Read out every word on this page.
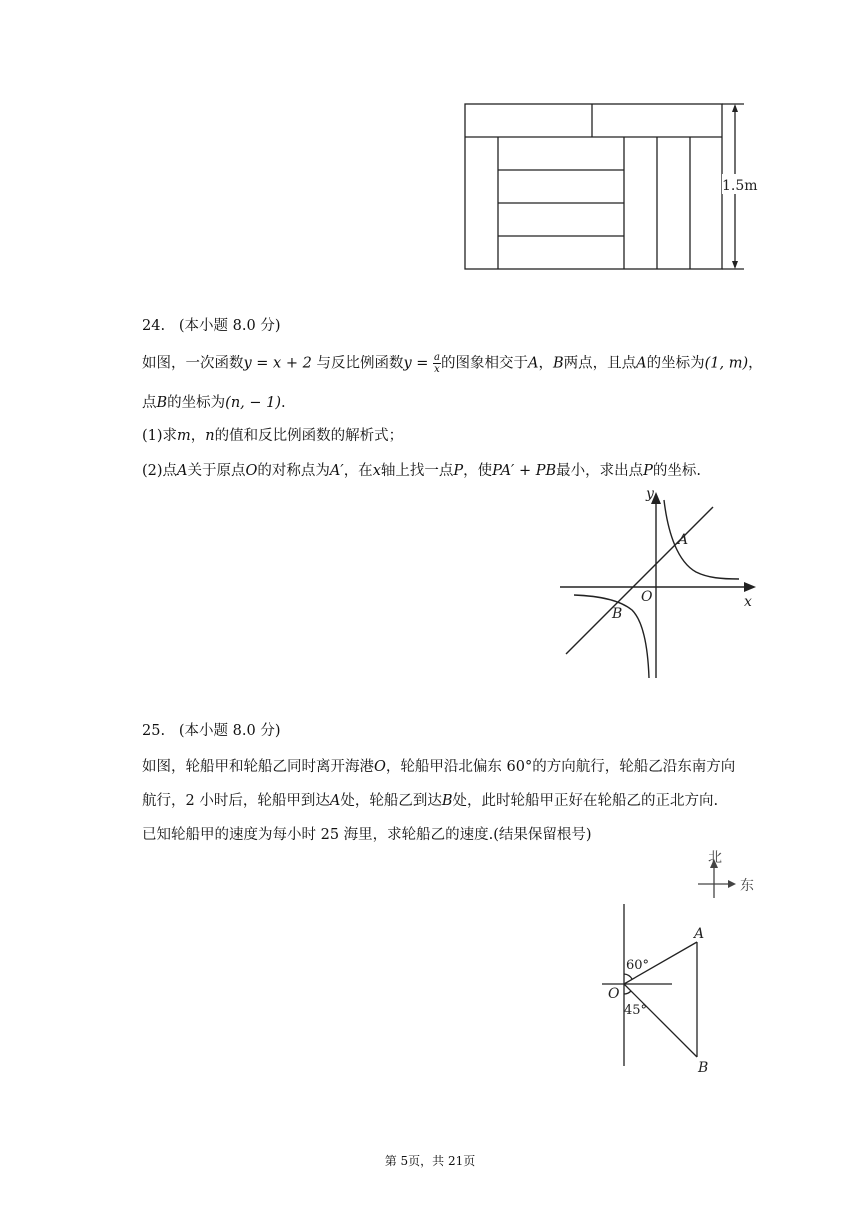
1.5m
24. (本小题 8.0 分)
如图，一次函数y = x + 2 与反比例函数$y = \frac{a}{x}$ 的图象相交于A，B两点，且点A的坐标为(1, m)，
点B的坐标为(n, − 1).
(1)求m，n的值和反比例函数的解析式；
(2)点A关于原点O的对称点为A′，在x轴上找一点P，使PA′ + PB最小，求出点P的坐标.
y
x
O
A
B
25. (本小题 8.0 分)
如图，轮船甲和轮船乙同时离开海港O，轮船甲沿北偏东 60°的方向航行，轮船乙沿东南方向
航行，2 小时后，轮船甲到达A处，轮船乙到达B处，此时轮船甲正好在轮船乙的正北方向.
已知轮船甲的速度为每小时 25 海里，求轮船乙的速度.(结果保留根号)
北
东
A
B
O
60°
45°
第 5页，共 21页
